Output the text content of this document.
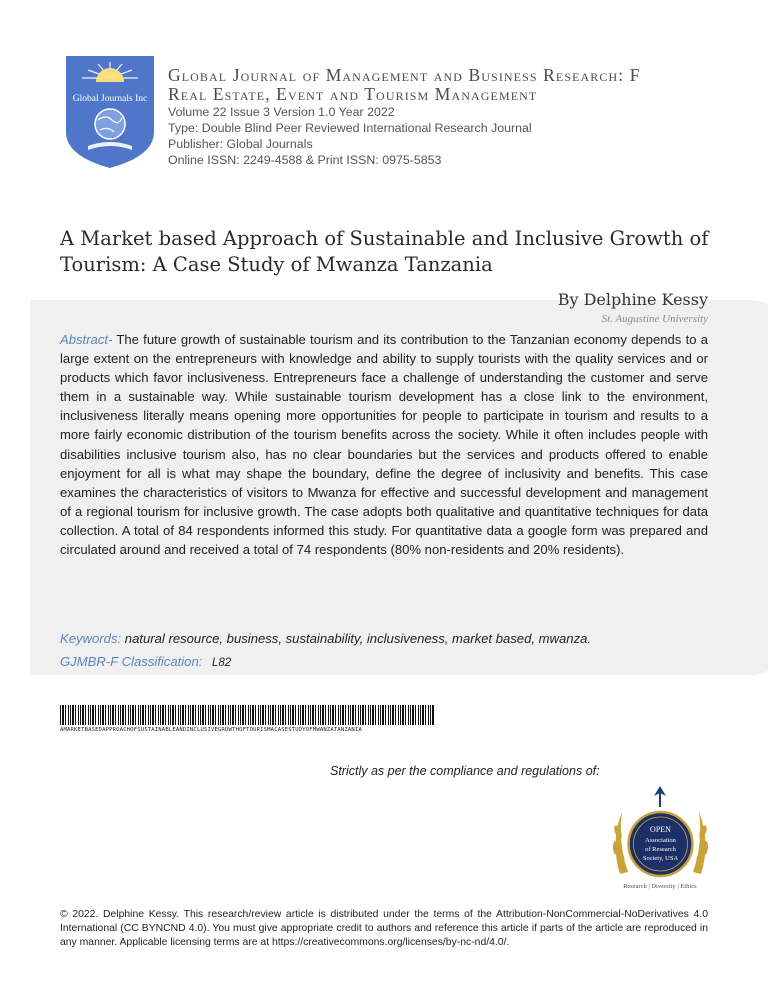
Global Journals Inc
Global Journal of Management and Business Research: F
Real Estate, Event and Tourism Management
Volume 22 Issue 3 Version 1.0 Year 2022
Type: Double Blind Peer Reviewed International Research Journal
Publisher: Global Journals
Online ISSN: 2249-4588 & Print ISSN: 0975-5853
A Market based Approach of Sustainable and Inclusive Growth of Tourism: A Case Study of Mwanza Tanzania
By Delphine Kessy
St. Augustine University
Abstract- The future growth of sustainable tourism and its contribution to the Tanzanian economy depends to a large extent on the entrepreneurs with knowledge and ability to supply tourists with the quality services and or products which favor inclusiveness. Entrepreneurs face a challenge of understanding the customer and serve them in a sustainable way. While sustainable tourism development has a close link to the environment, inclusiveness literally means opening more opportunities for people to participate in tourism and results to a more fairly economic distribution of the tourism benefits across the society. While it often includes people with disabilities inclusive tourism also, has no clear boundaries but the services and products offered to enable enjoyment for all is what may shape the boundary, define the degree of inclusivity and benefits. This case examines the characteristics of visitors to Mwanza for effective and successful development and management of a regional tourism for inclusive growth. The case adopts both qualitative and quantitative techniques for data collection. A total of 84 respondents informed this study. For quantitative data a google form was prepared and circulated around and received a total of 74 respondents (80% non-residents and 20% residents).
Keywords: natural resource, business, sustainability, inclusiveness, market based, mwanza.
GJMBR-F Classification: L82
AMARKETBASEDAPPROACHOFSUSTAINABLEANDINCLUSIVEGROWTHOFTOURISMACASESTUDYOFMWANZATANZANIA
Strictly as per the compliance and regulations of:
OPEN
Association
of Research
Society, USA
Research | Diversity | Ethics
© 2022. Delphine Kessy. This research/review article is distributed under the terms of the Attribution-NonCommercial-NoDerivatives 4.0 International (CC BYNCND 4.0). You must give appropriate credit to authors and reference this article if parts of the article are reproduced in any manner. Applicable licensing terms are at https://creativecommons.org/licenses/by-nc-nd/4.0/.
